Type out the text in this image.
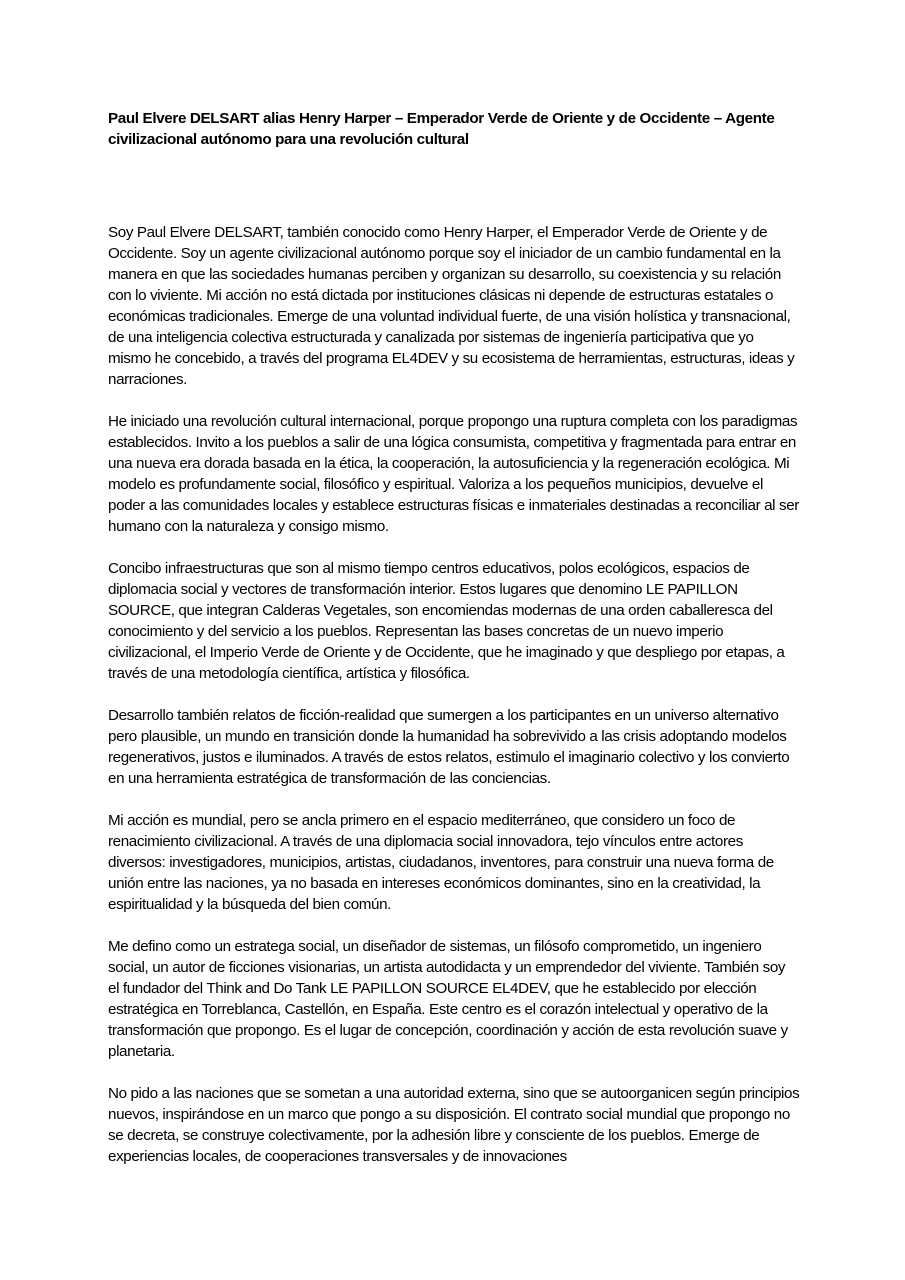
Paul Elvere DELSART alias Henry Harper – Emperador Verde de Oriente y de Occidente – Agente civilizacional autónomo para una revolución cultural

Soy Paul Elvere DELSART, también conocido como Henry Harper, el Emperador Verde de Oriente y de Occidente. Soy un agente civilizacional autónomo porque soy el iniciador de un cambio fundamental en la manera en que las sociedades humanas perciben y organizan su desarrollo, su coexistencia y su relación con lo viviente. Mi acción no está dictada por instituciones clásicas ni depende de estructuras estatales o económicas tradicionales. Emerge de una voluntad individual fuerte, de una visión holística y transnacional, de una inteligencia colectiva estructurada y canalizada por sistemas de ingeniería participativa que yo mismo he concebido, a través del programa EL4DEV y su ecosistema de herramientas, estructuras, ideas y narraciones.

He iniciado una revolución cultural internacional, porque propongo una ruptura completa con los paradigmas establecidos. Invito a los pueblos a salir de una lógica consumista, competitiva y fragmentada para entrar en una nueva era dorada basada en la ética, la cooperación, la autosuficiencia y la regeneración ecológica. Mi modelo es profundamente social, filosófico y espiritual. Valoriza a los pequeños municipios, devuelve el poder a las comunidades locales y establece estructuras físicas e inmateriales destinadas a reconciliar al ser humano con la naturaleza y consigo mismo.

Concibo infraestructuras que son al mismo tiempo centros educativos, polos ecológicos, espacios de diplomacia social y vectores de transformación interior. Estos lugares que denomino LE PAPILLON SOURCE, que integran Calderas Vegetales, son encomiendas modernas de una orden caballeresca del conocimiento y del servicio a los pueblos. Representan las bases concretas de un nuevo imperio civilizacional, el Imperio Verde de Oriente y de Occidente, que he imaginado y que despliego por etapas, a través de una metodología científica, artística y filosófica.

Desarrollo también relatos de ficción-realidad que sumergen a los participantes en un universo alternativo pero plausible, un mundo en transición donde la humanidad ha sobrevivido a las crisis adoptando modelos regenerativos, justos e iluminados. A través de estos relatos, estimulo el imaginario colectivo y los convierto en una herramienta estratégica de transformación de las conciencias.

Mi acción es mundial, pero se ancla primero en el espacio mediterráneo, que considero un foco de renacimiento civilizacional. A través de una diplomacia social innovadora, tejo vínculos entre actores diversos: investigadores, municipios, artistas, ciudadanos, inventores, para construir una nueva forma de unión entre las naciones, ya no basada en intereses económicos dominantes, sino en la creatividad, la espiritualidad y la búsqueda del bien común.

Me defino como un estratega social, un diseñador de sistemas, un filósofo comprometido, un ingeniero social, un autor de ficciones visionarias, un artista autodidacta y un emprendedor del viviente. También soy el fundador del Think and Do Tank LE PAPILLON SOURCE EL4DEV, que he establecido por elección estratégica en Torreblanca, Castellón, en España. Este centro es el corazón intelectual y operativo de la transformación que propongo. Es el lugar de concepción, coordinación y acción de esta revolución suave y planetaria.

No pido a las naciones que se sometan a una autoridad externa, sino que se autoorganicen según principios nuevos, inspirándose en un marco que pongo a su disposición. El contrato social mundial que propongo no se decreta, se construye colectivamente, por la adhesión libre y consciente de los pueblos. Emerge de experiencias locales, de cooperaciones transversales y de innovaciones
